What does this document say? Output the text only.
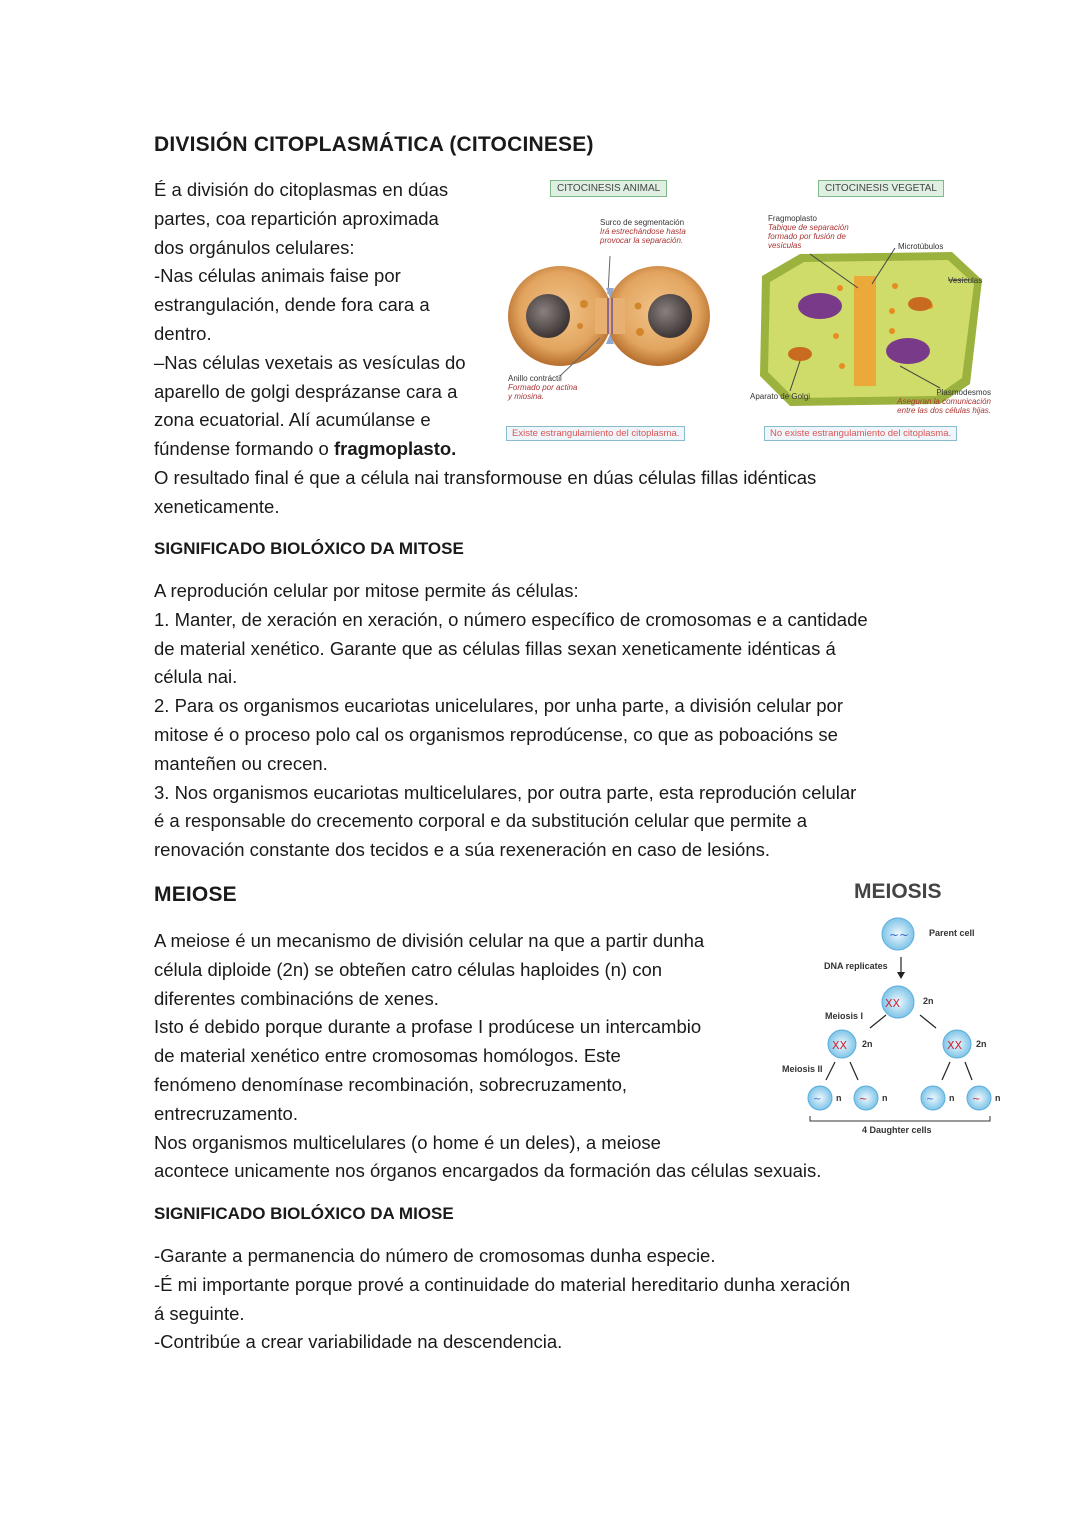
DIVISIÓN CITOPLASMÁTICA (CITOCINESE)
É a división do citoplasmas en dúas
partes, coa repartición aproximada
dos orgánulos celulares:
-Nas células animais faise por
estrangulación, dende fora cara a
dentro.
–Nas células vexetais as vesículas do
aparello de golgi desprázanse cara a
zona ecuatorial. Alí acumúlanse e
fúndense formando o fragmoplasto.
O resultado final é que a célula nai transformouse en dúas células fillas idénticas
xeneticamente.
CITOCINESIS ANIMAL	CITOCINESIS VEGETAL
Surco de segmentación
Irá estrechándose hasta
provocar la separación.
Anillo contráctil
Formado por actina
y miosina.
Fragmoplasto
Tabique de separación
formado por fusión de
vesículas	Microtúbulos
Vesículas
Aparato de Golgi	Plasmodesmos
Aseguran la comunicación
entre las dos células hijas.
Existe estrangulamiento del citoplasma.	No existe estrangulamiento del citoplasma.
SIGNIFICADO BIOLÓXICO DA MITOSE
A reprodución celular por mitose permite ás células:
1. Manter, de xeración en xeración, o número específico de cromosomas e a cantidade
de material xenético. Garante que as células fillas sexan xeneticamente idénticas á
célula nai.
2. Para os organismos eucariotas unicelulares, por unha parte, a división celular por
mitose é o proceso polo cal os organismos reprodúcense, co que as poboacións se
manteñen ou crecen.
3. Nos organismos eucariotas multicelulares, por outra parte, esta reprodución celular
é a responsable do crecemento corporal e da substitución celular que permite a
renovación constante dos tecidos e a súa rexeneración en caso de lesións.
MEIOSE
A meiose é un mecanismo de división celular na que a partir dunha
célula diploide (2n) se obteñen catro células haploides (n) con
diferentes combinacións de xenes.
Isto é debido porque durante a profase I prodúcese un intercambio
de material xenético entre cromosomas homólogos. Este
fenómeno denomínase recombinación, sobrecruzamento,
entrecruzamento.
Nos organismos multicelulares (o home é un deles), a meiose
acontece unicamente nos órganos encargados da formación das células sexuais.
MEIOSIS
~~
XX
XX	XX
~	~	~	~
Parent cell
DNA replicates
2n
Meiosis I
2n	2n
Meiosis II
n	n	n	n
4 Daughter cells
SIGNIFICADO BIOLÓXICO DA MIOSE
-Garante a permanencia do número de cromosomas dunha especie.
-É mi importante porque prové a continuidade do material hereditario dunha xeración
á seguinte.
-Contribúe a crear variabilidade na descendencia.
